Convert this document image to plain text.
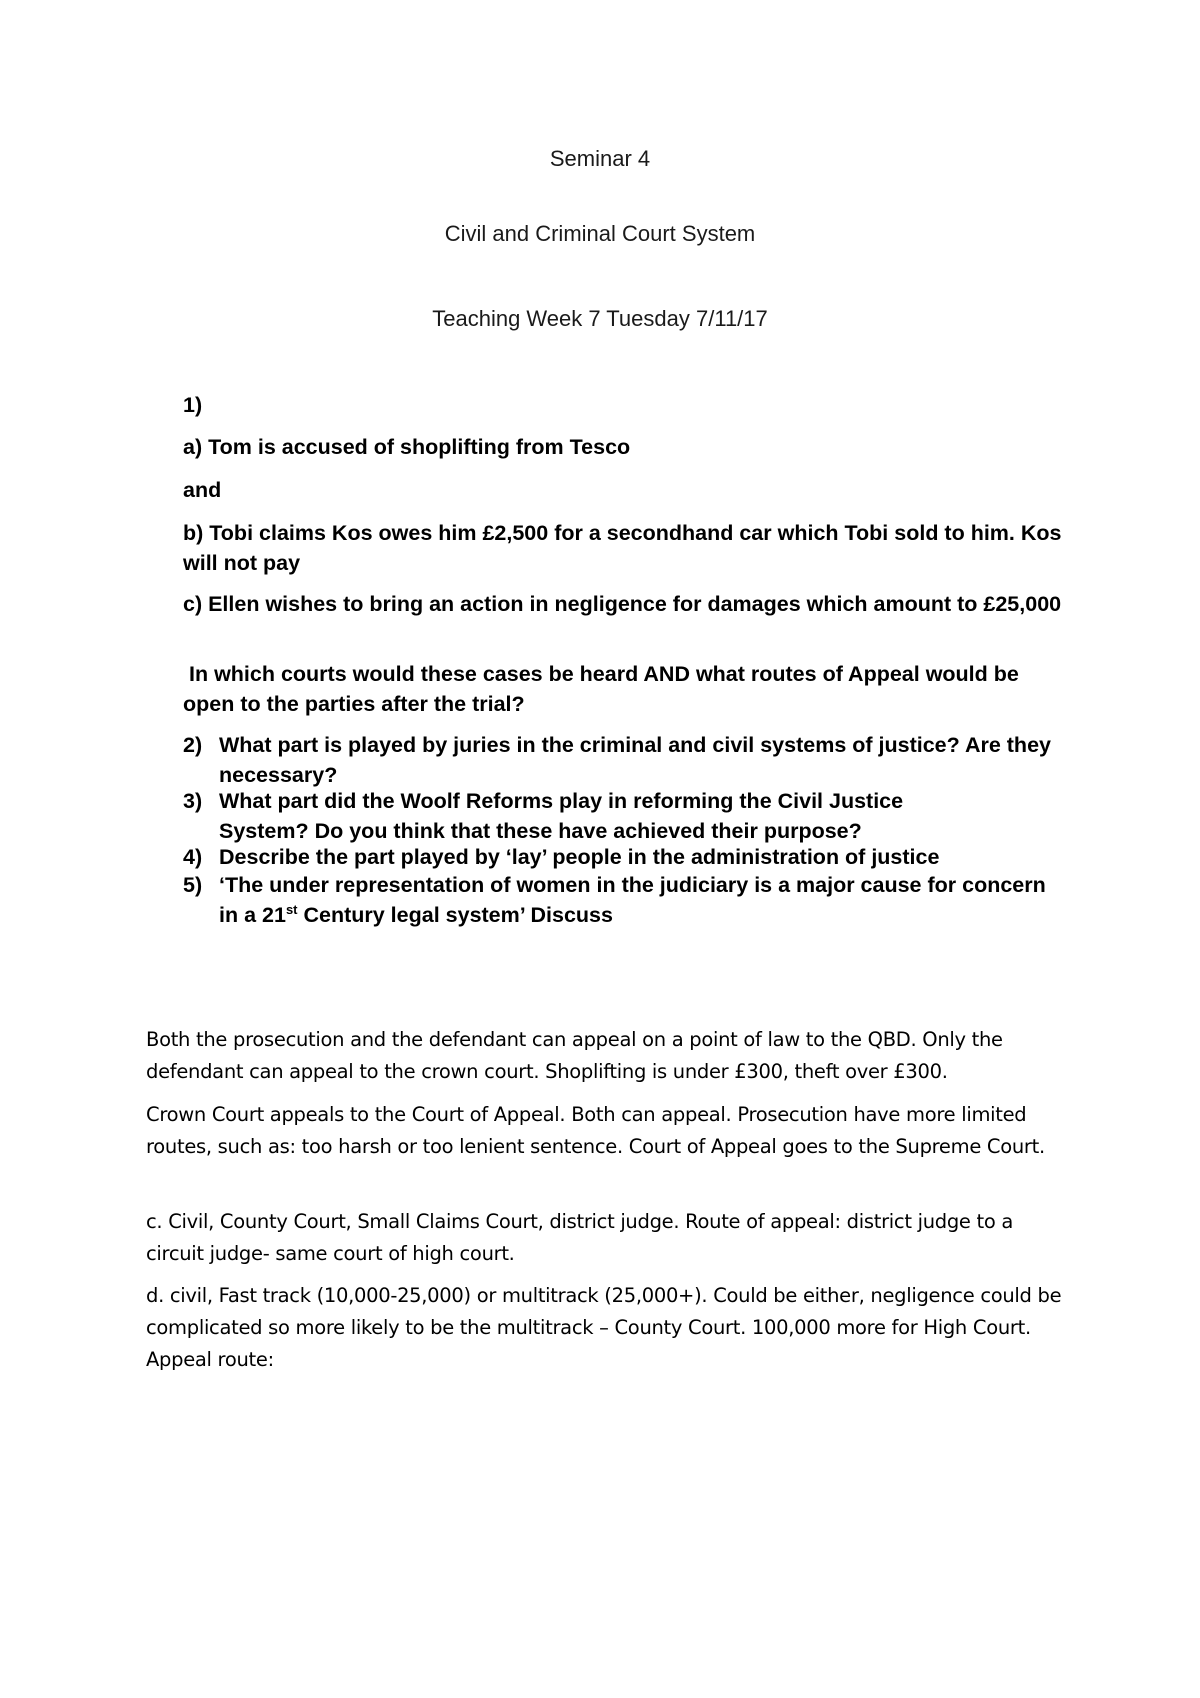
Seminar 4
Civil and Criminal Court System
Teaching Week 7 Tuesday 7/11/17
1)
a) Tom is accused of shoplifting from Tesco
and
b) Tobi claims Kos owes him £2,500 for a secondhand car which Tobi sold to him. Kos will not pay
c) Ellen wishes to bring an action in negligence for damages which amount to £25,000
In which courts would these cases be heard AND what routes of Appeal would be open to the parties after the trial?
2) What part is played by juries in the criminal and civil systems of justice? Are they necessary?
3) What part did the Woolf Reforms play in reforming the Civil Justice System? Do you think that these have achieved their purpose?
4) Describe the part played by ‘lay’ people in the administration of justice
5) ‘The under representation of women in the judiciary is a major cause for concern in a 21st Century legal system’ Discuss
Both the prosecution and the defendant can appeal on a point of law to the QBD. Only the defendant can appeal to the crown court. Shoplifting is under £300, theft over £300.
Crown Court appeals to the Court of Appeal. Both can appeal. Prosecution have more limited routes, such as: too harsh or too lenient sentence. Court of Appeal goes to the Supreme Court.
c. Civil, County Court, Small Claims Court, district judge. Route of appeal: district judge to a circuit judge- same court of high court.
d. civil, Fast track (10,000-25,000) or multitrack (25,000+). Could be either, negligence could be complicated so more likely to be the multitrack – County Court. 100,000 more for High Court. Appeal route:
